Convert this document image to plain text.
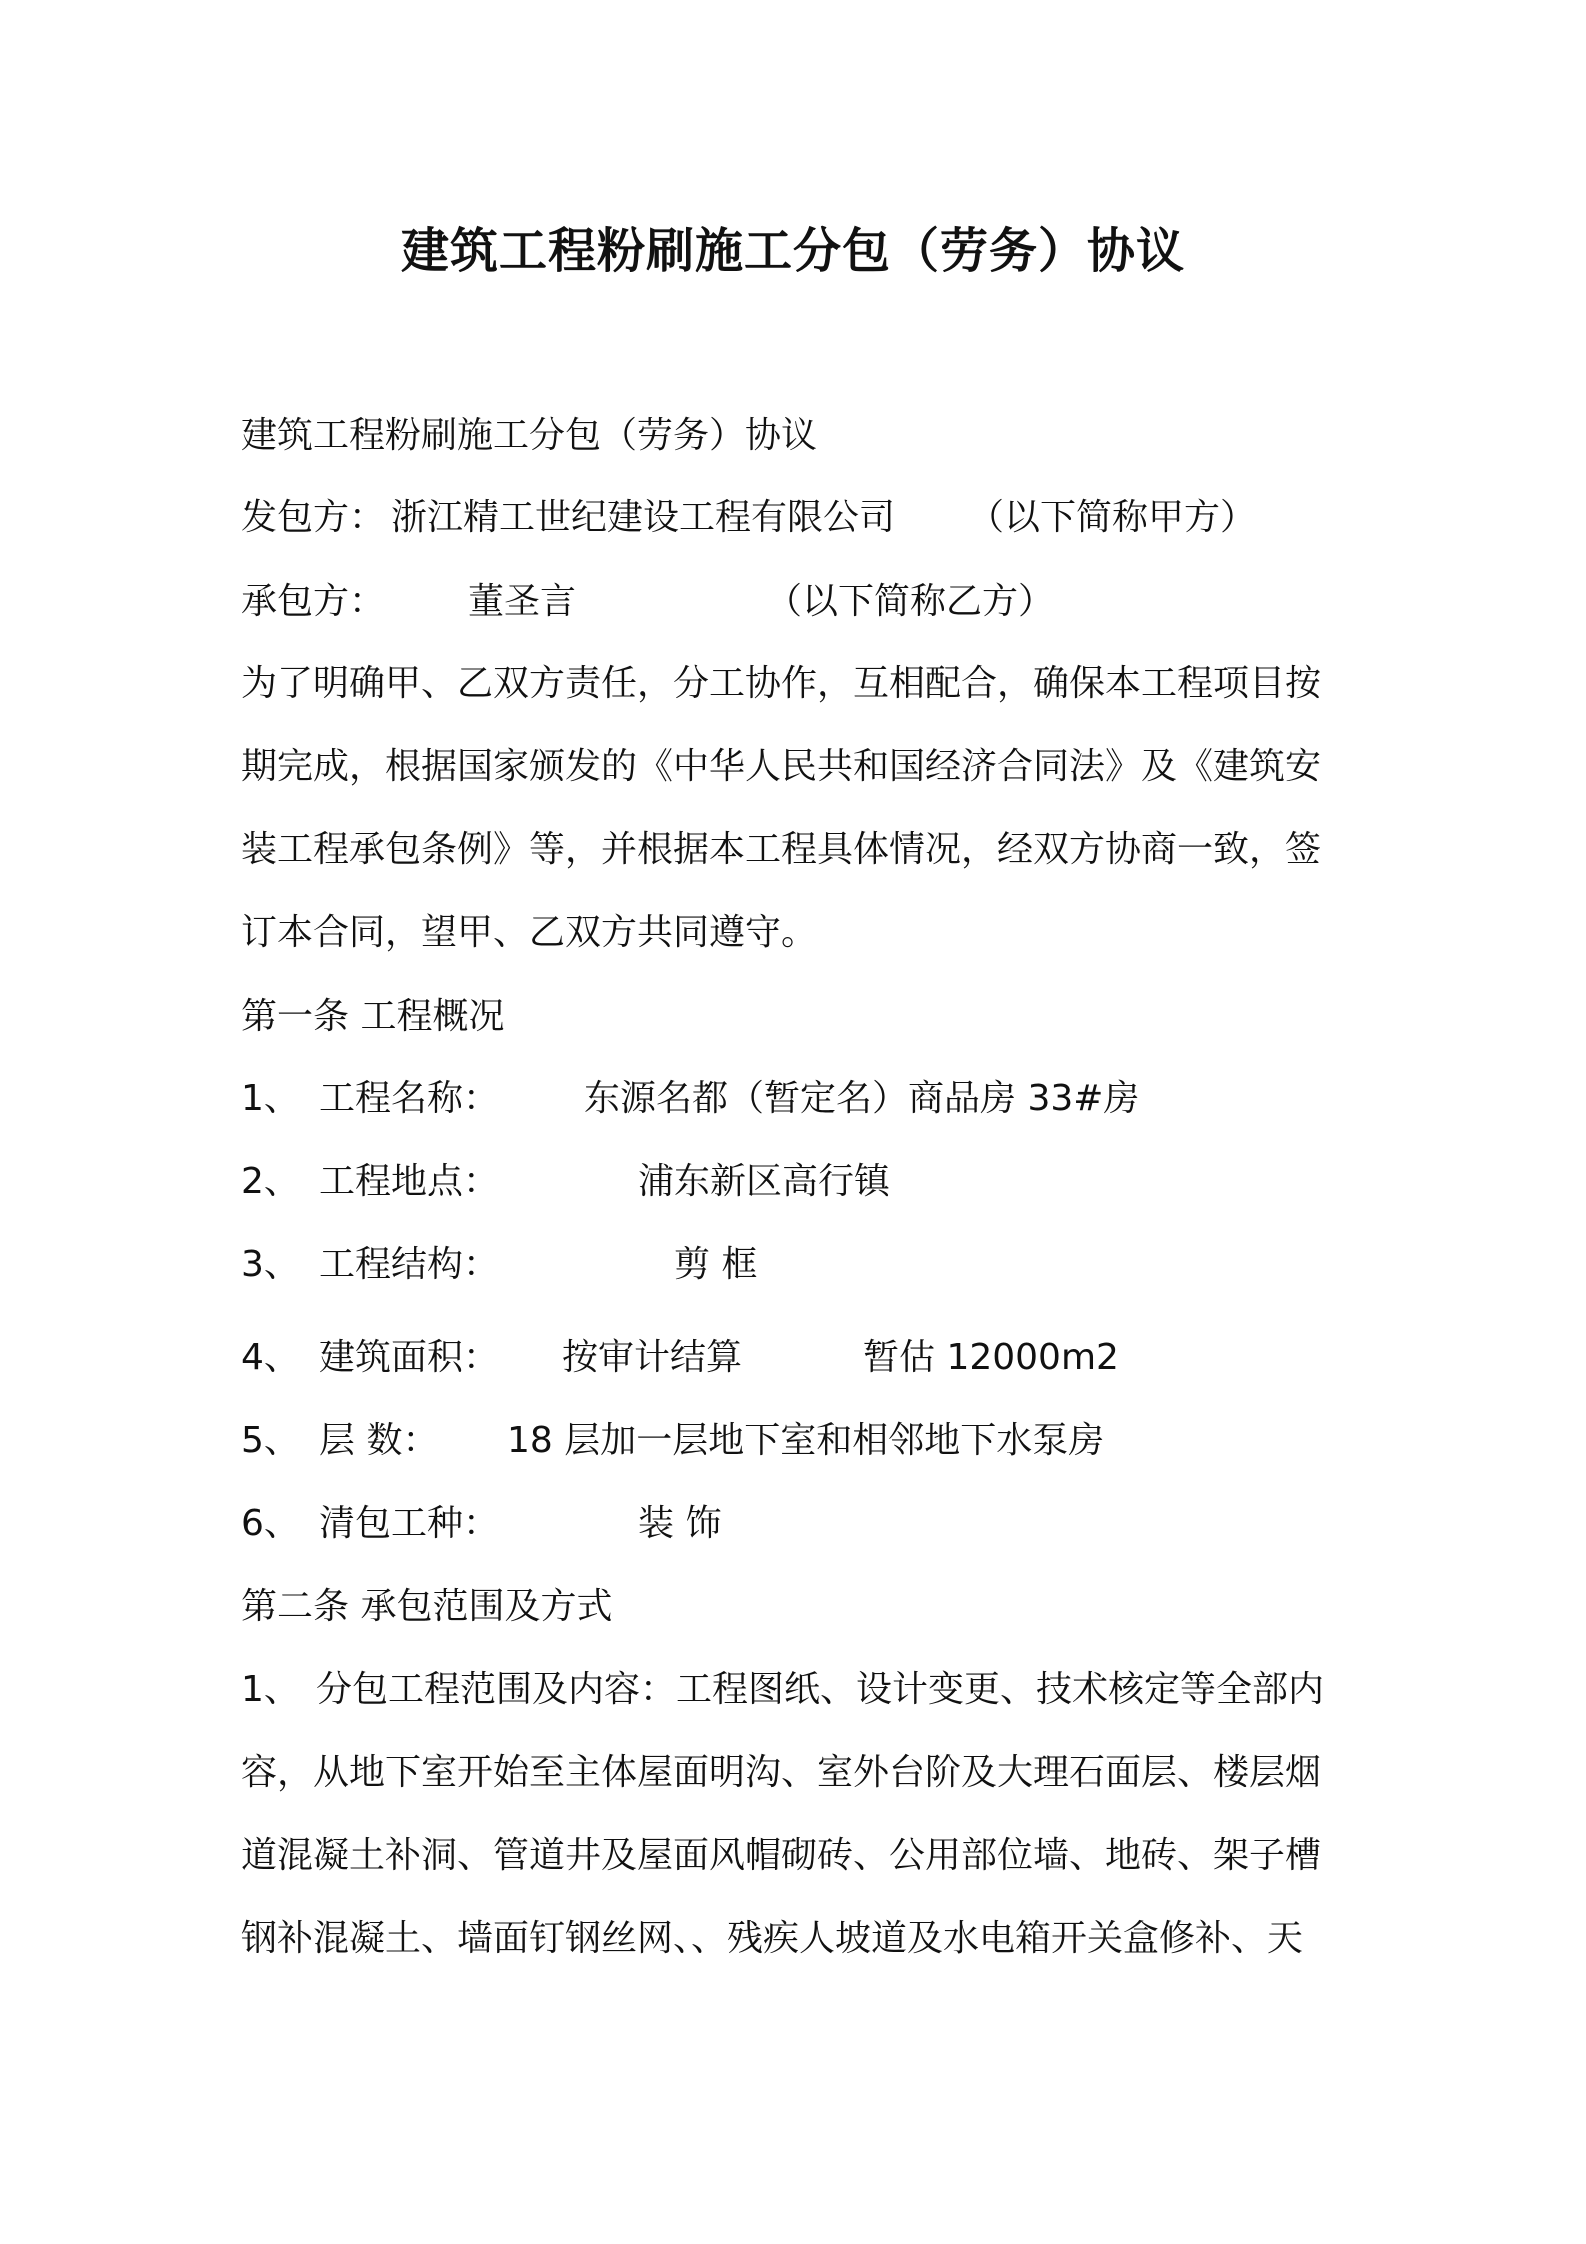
建筑工程粉刷施工分包（劳务）协议
建筑工程粉刷施工分包（劳务）协议
发包方： 浙江精工世纪建设工程有限公司 （以下简称甲方）
承包方： 董圣言	（以下简称乙方）
为了明确甲、乙双方责任，分工协作，互相配合，确保本工程项目按
期完成，根据国家颁发的《中华人民共和国经济合同法》及《建筑安
装工程承包条例》等，并根据本工程具体情况，经双方协商一致，签
订本合同，望甲、乙双方共同遵守。
第一条 工程概况
1、 工程名称： 东源名都（暂定名）商品房 33#房
2、 工程地点：	浦东新区高行镇
3、 工程结构：	剪 框
4、 建筑面积： 按审计结算	暂估 12000m2
5、 层 数： 18 层加一层地下室和相邻地下水泵房
6、 清包工种：	装 饰
第二条 承包范围及方式
1、 分包工程范围及内容：工程图纸、设计变更、技术核定等全部内
容，从地下室开始至主体屋面明沟、室外台阶及大理石面层、楼层烟
道混凝土补洞、管道井及屋面风帽砌砖、公用部位墙、地砖、架子槽
钢补混凝土、墙面钉钢丝网、、残疾人坡道及水电箱开关盒修补、天
